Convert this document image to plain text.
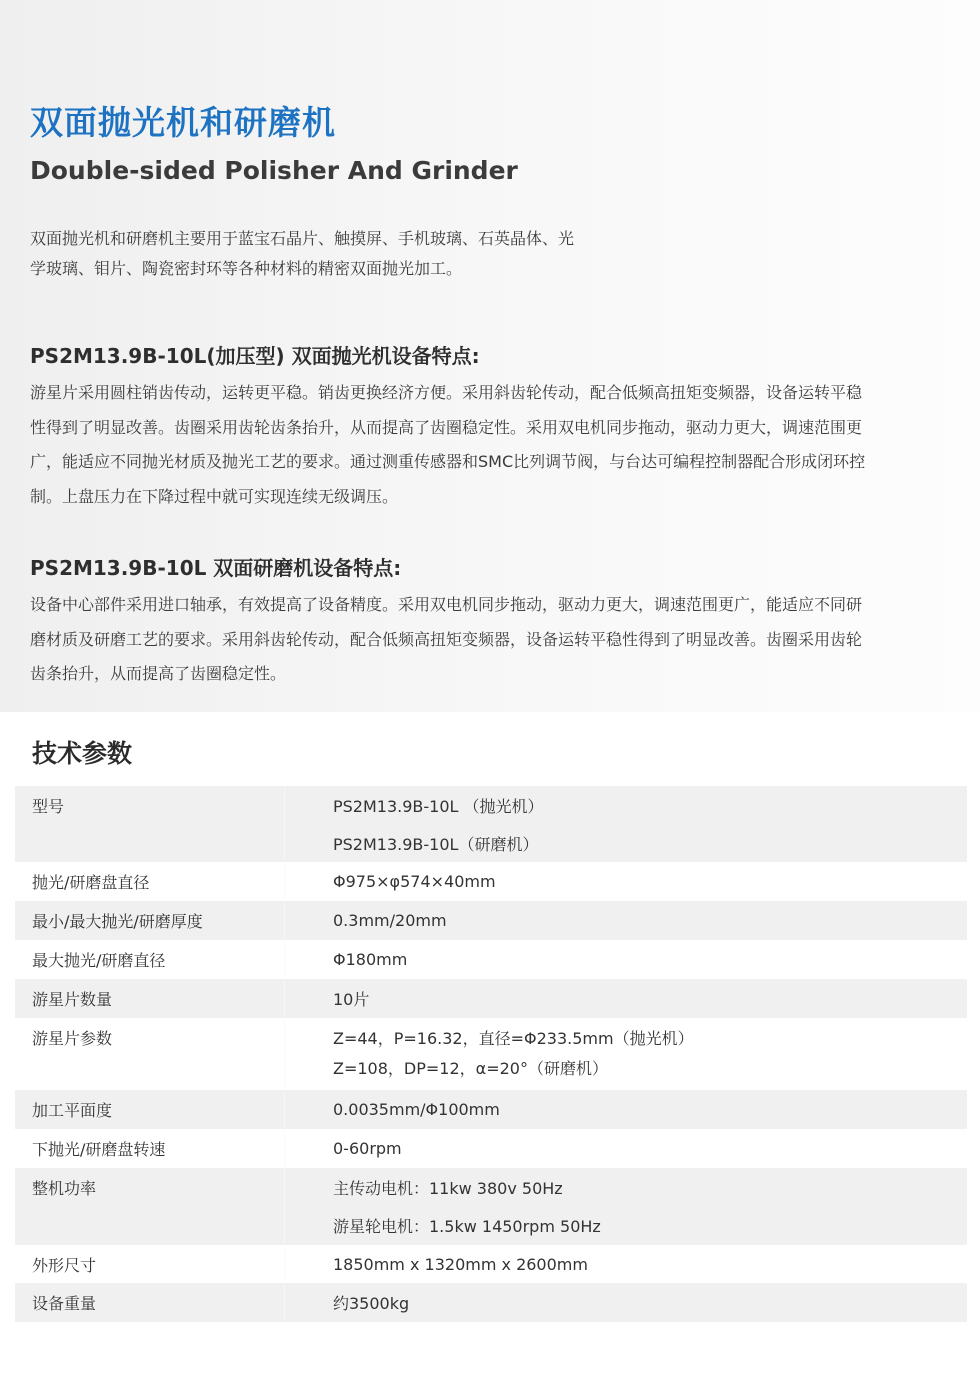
双面抛光机和研磨机
Double-sided Polisher And Grinder

双面抛光机和研磨机主要用于蓝宝石晶片、触摸屏、手机玻璃、石英晶体、光
学玻璃、钼片、陶瓷密封环等各种材料的精密双面抛光加工。

PS2M13.9B-10L(加压型) 双面抛光机设备特点:

游星片采用圆柱销齿传动，运转更平稳。销齿更换经济方便。采用斜齿轮传动，配合低频高扭矩变频器，设备运转平稳
性得到了明显改善。齿圈采用齿轮齿条抬升，从而提高了齿圈稳定性。采用双电机同步拖动，驱动力更大，调速范围更
广，能适应不同抛光材质及抛光工艺的要求。通过测重传感器和SMC比列调节阀，与台达可编程控制器配合形成闭环控
制。上盘压力在下降过程中就可实现连续无级调压。

PS2M13.9B-10L 双面研磨机设备特点:

设备中心部件采用进口轴承，有效提高了设备精度。采用双电机同步拖动，驱动力更大，调速范围更广，能适应不同研
磨材质及研磨工艺的要求。采用斜齿轮传动，配合低频高扭矩变频器，设备运转平稳性得到了明显改善。齿圈采用齿轮
齿条抬升，从而提高了齿圈稳定性。

技术参数
型号	PS2M13.9B-10L （抛光机）
	PS2M13.9B-10L（研磨机）
抛光/研磨盘直径	Φ975×φ574×40mm
最小/最大抛光/研磨厚度	0.3mm/20mm
最大抛光/研磨直径	Φ180mm
游星片数量	10片
游星片参数	Z=44，P=16.32，直径=Φ233.5mm（抛光机）
Z=108，DP=12，α=20°（研磨机）

加工平面度	0.0035mm/Φ100mm
下抛光/研磨盘转速	0-60rpm
整机功率	主传动电机：11kw 380v 50Hz
	游星轮电机：1.5kw 1450rpm 50Hz
外形尺寸	1850mm x 1320mm x 2600mm
设备重量	约3500kg
